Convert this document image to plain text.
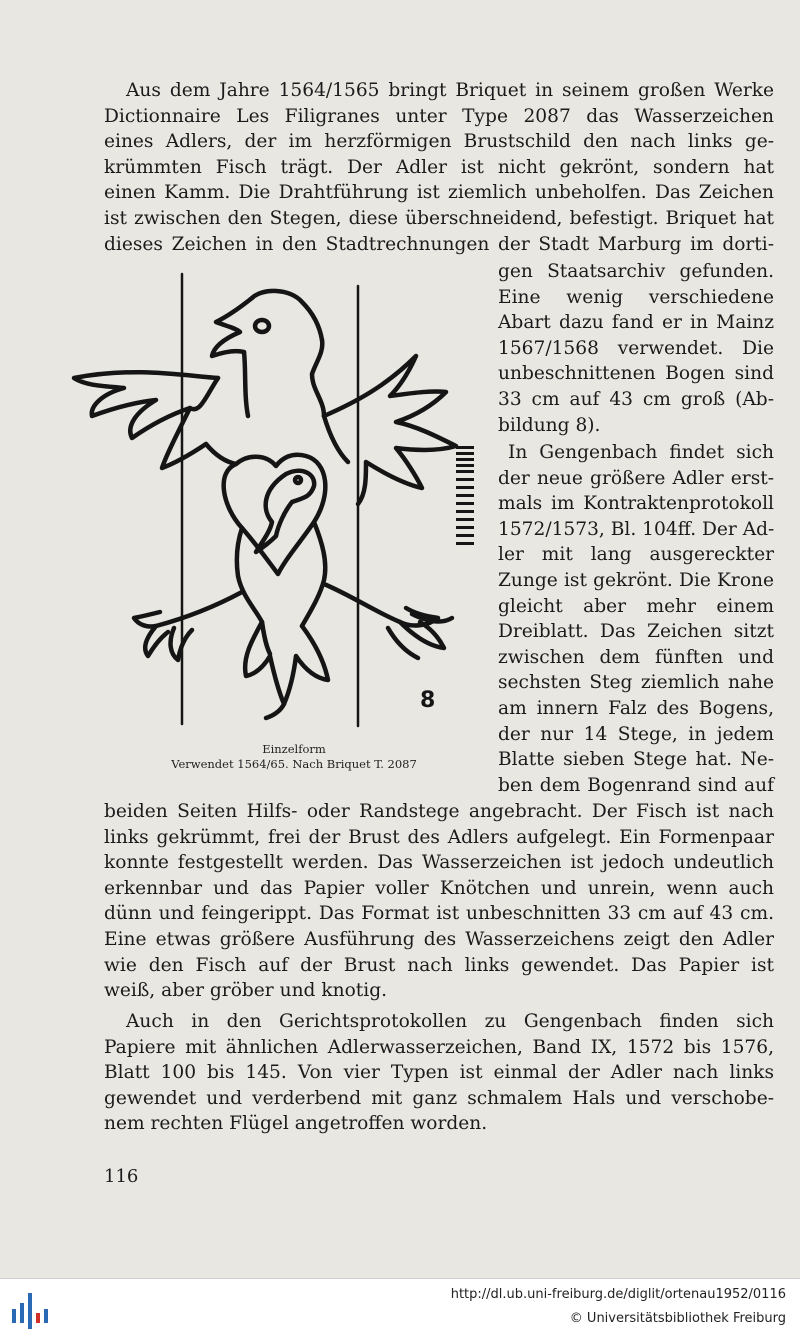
Aus dem Jahre 1564/1565 bringt Briquet in seinem großen Werke
Dictionnaire Les Filigranes unter Type 2087 das Wasserzeichen
eines Adlers, der im herzförmigen Brustschild den nach links ge-
krümmten Fisch trägt. Der Adler ist nicht gekrönt, sondern hat
einen Kamm. Die Drahtführung ist ziemlich unbeholfen. Das Zeichen
ist zwischen den Stegen, diese überschneidend, befestigt. Briquet hat
dieses Zeichen in den Stadtrechnungen der Stadt Marburg im dorti-
gen Staatsarchiv gefunden.
Eine wenig verschiedene
Abart dazu fand er in Mainz
1567/1568 verwendet. Die
unbeschnittenen Bogen sind
33 cm auf 43 cm groß (Ab-
bildung 8).
In Gengenbach findet sich
der neue größere Adler erst-
mals im Kontraktenprotokoll
1572/1573, Bl. 104ff. Der Ad-
ler mit lang ausgereckter
Zunge ist gekrönt. Die Krone
gleicht aber mehr einem
Dreiblatt. Das Zeichen sitzt
zwischen dem fünften und
sechsten Steg ziemlich nahe
am innern Falz des Bogens,
der nur 14 Stege, in jedem
Blatte sieben Stege hat. Ne-
ben dem Bogenrand sind auf
beiden Seiten Hilfs- oder Randstege angebracht. Der Fisch ist nach
links gekrümmt, frei der Brust des Adlers aufgelegt. Ein Formenpaar
konnte festgestellt werden. Das Wasserzeichen ist jedoch undeutlich
erkennbar und das Papier voller Knötchen und unrein, wenn auch
dünn und feingerippt. Das Format ist unbeschnitten 33 cm auf 43 cm.
Eine etwas größere Ausführung des Wasserzeichens zeigt den Adler
wie den Fisch auf der Brust nach links gewendet. Das Papier ist
weiß, aber gröber und knotig.
Auch in den Gerichtsprotokollen zu Gengenbach finden sich
Papiere mit ähnlichen Adlerwasserzeichen, Band IX, 1572 bis 1576,
Blatt 100 bis 145. Von vier Typen ist einmal der Adler nach links
gewendet und verderbend mit ganz schmalem Hals und verschobe-
nem rechten Flügel angetroffen worden.
8
Einzelform
Verwendet 1564/65. Nach Briquet T. 2087
116
http://dl.ub.uni-freiburg.de/diglit/ortenau1952/0116
© Universitätsbibliothek Freiburg
